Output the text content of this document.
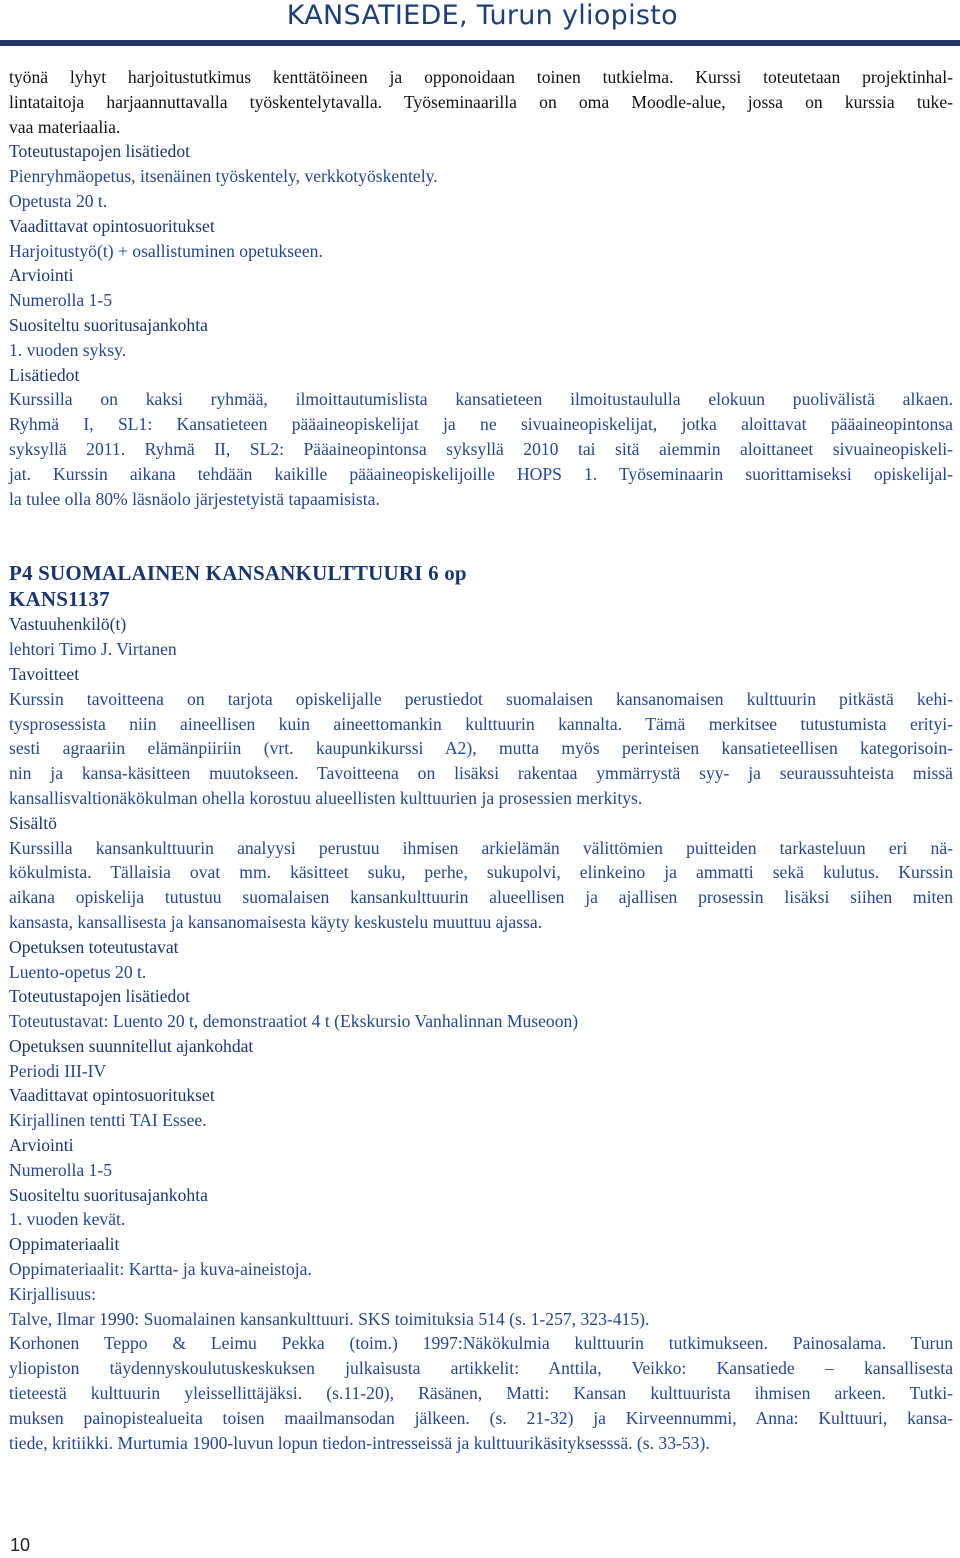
KANSATIEDE, Turun yliopisto
työnä lyhyt harjoitustutkimus kenttätöineen ja opponoidaan toinen tutkielma. Kurssi toteutetaan projektinhal-
lintataitoja harjaannuttavalla työskentelytavalla. Työseminaarilla on oma Moodle-alue, jossa on kurssia tuke-
vaa materiaalia.
Toteutustapojen lisätiedot
Pienryhmäopetus, itsenäinen työskentely, verkkotyöskentely.
Opetusta 20 t.
Vaadittavat opintosuoritukset
Harjoitustyö(t) + osallistuminen opetukseen.
Arviointi
Numerolla 1-5
Suositeltu suoritusajankohta
1. vuoden syksy.
Lisätiedot
Kurssilla on kaksi ryhmää, ilmoittautumislista kansatieteen ilmoitustaululla elokuun puolivälistä alkaen.
Ryhmä I, SL1: Kansatieteen pääaineopiskelijat ja ne sivuaineopiskelijat, jotka aloittavat pääaineopintonsa
syksyllä 2011. Ryhmä II, SL2: Pääaineopintonsa syksyllä 2010 tai sitä aiemmin aloittaneet sivuaineopiskeli-
jat. Kurssin aikana tehdään kaikille pääaineopiskelijoille HOPS 1. Työseminaarin suorittamiseksi opiskelijal-
la tulee olla 80% läsnäolo järjestetyistä tapaamisista.
P4 SUOMALAINEN KANSANKULTTUURI 6 op
KANS1137
Vastuuhenkilö(t)
lehtori Timo J. Virtanen
Tavoitteet
Kurssin tavoitteena on tarjota opiskelijalle perustiedot suomalaisen kansanomaisen kulttuurin pitkästä kehi-
tysprosessista niin aineellisen kuin aineettomankin kulttuurin kannalta. Tämä merkitsee tutustumista erityi-
sesti agraariin elämänpiiriin (vrt. kaupunkikurssi A2), mutta myös perinteisen kansatieteellisen kategorisoin-
nin ja kansa-käsitteen muutokseen. Tavoitteena on lisäksi rakentaa ymmärrystä syy- ja seuraussuhteista missä
kansallisvaltionäkökulman ohella korostuu alueellisten kulttuurien ja prosessien merkitys.
Sisältö
Kurssilla kansankulttuurin analyysi perustuu ihmisen arkielämän välittömien puitteiden tarkasteluun eri nä-
kökulmista. Tällaisia ovat mm. käsitteet suku, perhe, sukupolvi, elinkeino ja ammatti sekä kulutus. Kurssin
aikana opiskelija tutustuu suomalaisen kansankulttuurin alueellisen ja ajallisen prosessin lisäksi siihen miten
kansasta, kansallisesta ja kansanomaisesta käyty keskustelu muuttuu ajassa.
Opetuksen toteutustavat
Luento-opetus 20 t.
Toteutustapojen lisätiedot
Toteutustavat: Luento 20 t, demonstraatiot 4 t (Ekskursio Vanhalinnan Museoon)
Opetuksen suunnitellut ajankohdat
Periodi III-IV
Vaadittavat opintosuoritukset
Kirjallinen tentti TAI Essee.
Arviointi
Numerolla 1-5
Suositeltu suoritusajankohta
1. vuoden kevät.
Oppimateriaalit
Oppimateriaalit: Kartta- ja kuva-aineistoja.
Kirjallisuus:
Talve, Ilmar 1990: Suomalainen kansankulttuuri. SKS toimituksia 514 (s. 1-257, 323-415).
Korhonen Teppo & Leimu Pekka (toim.) 1997:Näkökulmia kulttuurin tutkimukseen. Painosalama. Turun
yliopiston täydennyskoulutuskeskuksen julkaisusta artikkelit: Anttila, Veikko: Kansatiede – kansallisesta
tieteestä kulttuurin yleissellittäjäksi. (s.11-20), Räsänen, Matti: Kansan kulttuurista ihmisen arkeen. Tutki-
muksen painopistealueita toisen maailmansodan jälkeen. (s. 21-32) ja Kirveennummi, Anna: Kulttuuri, kansa-
tiede, kritiikki. Murtumia 1900-luvun lopun tiedon-intresseissä ja kulttuurikäsityksesssä. (s. 33-53).
10
